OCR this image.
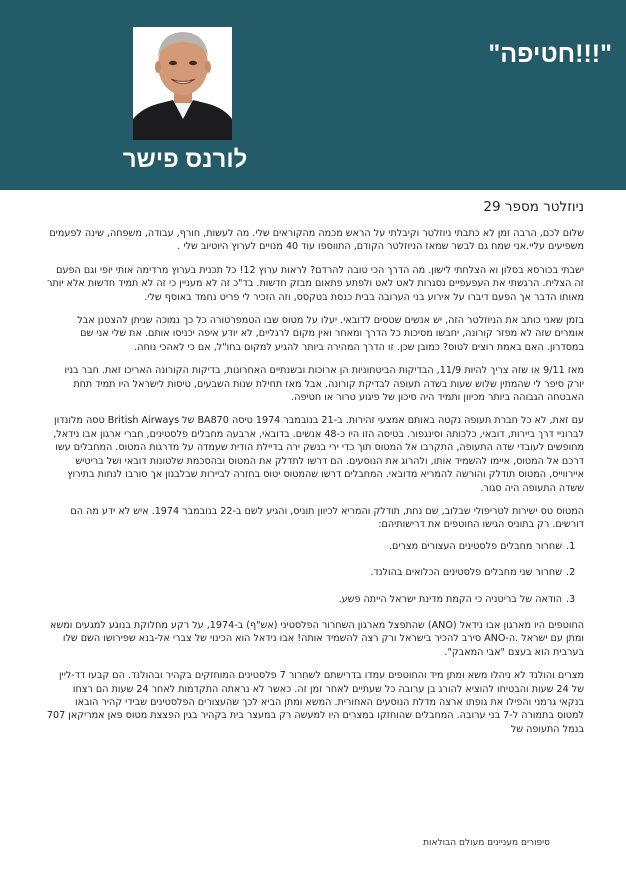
"חטיפה!!!"
לורנס פישר
ניוזלטר מספר 29

שלום לכם, הרבה זמן לא כתבתי ניוזלטר וקיבלתי על הראש מכמה מהקוראים שלי. מה לעשות, חורף, עבודה, משפחה, שינה לפעמים משפיעים עליי.אני שמח גם לבשר שמאז הניוזלטר הקודם, התווספו עוד 40 מנויים לערוץ היוטיוב שלי .

ישבתי בכורסא בסלון וא הצלחתי לישון. מה הדרך הכי טובה להרדם? לראות ערוץ 12! כל תכנית בערוץ מרדימה אותי יופי וגם הפעם זה הצליח. הרגשתי את העפעפיים נסגרות לאט לאט ולפתע פתאום מבזק חדשות. בד"כ זה לא מעניין כי זה לא תמיד חדשות אלא יותר מאותו הדבר אך הפעם דיברו על אירוע בני הערובה בבית כנסת בטקסס, וזה הזכיר לי פריט נחמד באוסף שלי.

בזמן שאני כותב את הניוזלטר הזה, יש אנשים שטסים לדובאי. יעלו על מטוס שבו הטמפרטורה כל כך נמוכה שניתן להצטנן אבל אומרים שזה לא מפזר קורונה, יחבשו מסיכות כל הדרך ומאחר ואין מקום לרגליים, לא יודע איפה יכניסו אותם. את שלי אני שם במסדרון. האם באמת רוצים לטוס? כמובן שכן. זו הדרך המהירה ביותר להגיע למקום בחו"ל, אם כי לאהכי נוחה.

מאז 9/11 או שזה צריך להיות 11/9, הבדיקות הביטחוניות הן ארוכות ובשנתיים האחרונות, בדיקות הקורונה האריכו זאת. חבר בניו יורק סיפר לי שהמתין שלוש שעות בשדה תעופה לבדיקת קורונה. אבל מאז תחילת שנות השבעים, טיסות לישראל היו תמיד תחת האבטחה הגבוהה ביותר מכיוון ותמיד היה סיכון של פיגוע טרור או חטיפה.

עם זאת, לא כל חברת תעופה נקטה באותם אמצעי זהירות. ב-21 בנובמבר 1974 טיסה BA870 של British Airways טסה מלונדון לברוניי דרך ביירות, דובאי, כלכותה וסינגפור. בטיסה הזו היו כ-48 אנשים. בדובאי, ארבעה מחבלים פלסטינים, חברי ארגון אבו נידאל, מחופשים לעובדי שדה התעופה, התקרבו אל המטוס תוך כדי ירי בנשק ירה בדיילת הודית שעמדה על מדרגות המטוס. המחבלים עשו דרכם אל המטוס, איימו להשמיד אותו, ולהרוג את הנוסעים. הם דרשו לתדלק את המטוס ובהסכמת שלטונות דובאי ושל בריטיש איירווייס, המטוס תודלק והורשה להמריא מדובאי. המחבלים דרשו שהמטוס יטוס בחזרה לביירות שבלבנון אך סורבו לנחות בתירוץ ששדה התעופה היה סגור.

המטוס טס ישירות לטריפולי שבלוב, שם נחת, תודלק והמריא לכיוון תוניס, והגיע לשם ב-22 בנובמבר 1974. איש לא ידע מה הם דורשים. רק בתוניס הגישו החוטפים את דרישותיהם:

1.
שחרור מחבלים פלסטינים העצורים מצרים.
2.
שחרור שני מחבלים פלסטינים הכלואים בהולנד.
3.
הודאה של בריטניה כי הקמת מדינת ישראל הייתה פשע.

החוטפים היו מארגון אבו נידאל (ANO) שהתפצל מארגון השחרור הפלסטיני (אש"ף) ב-1974, על רקע מחלוקת בנוגע למגעים ומשא ומתן עם ישראל .ה-ANO סירב להכיר בישראל ורק רצה להשמיד אותה! אבו נידאל הוא הכינוי של צברי אל-בנא שפירושו השם שלו בערבית הוא בעצם "אבי המאבק".

מצרים והולנד לא ניהלו משא ומתן מיד והחוטפים עמדו בדרישתם לשחרור 7 פלסטינים המוחזקים בקהיר ובהולנד. הם קבעו דד-ליין של 24 שעות והבטיחו להוציא להורג בן ערובה כל שעתיים לאחר זמן זה. כאשר לא נראתה התקדמות לאחר 24 שעות הם רצחו בנקאי גרמני והפילו את גופתו ארצה מדלת הנוסעים האחורית. המשא ומתן הביא לכך שהעצורים הפלסטינים שבידי קהיר הובאו למטוס בתמורה ל-7 בני ערובה. המחבלים שהוחזקו במצרים היו למעשה רק במעצר בית בקהיר בגין הפצצת מטוס פאן אמריקאן 707 בנמל התעופה של

סיפורים מעניינים מעולם הבולאות
